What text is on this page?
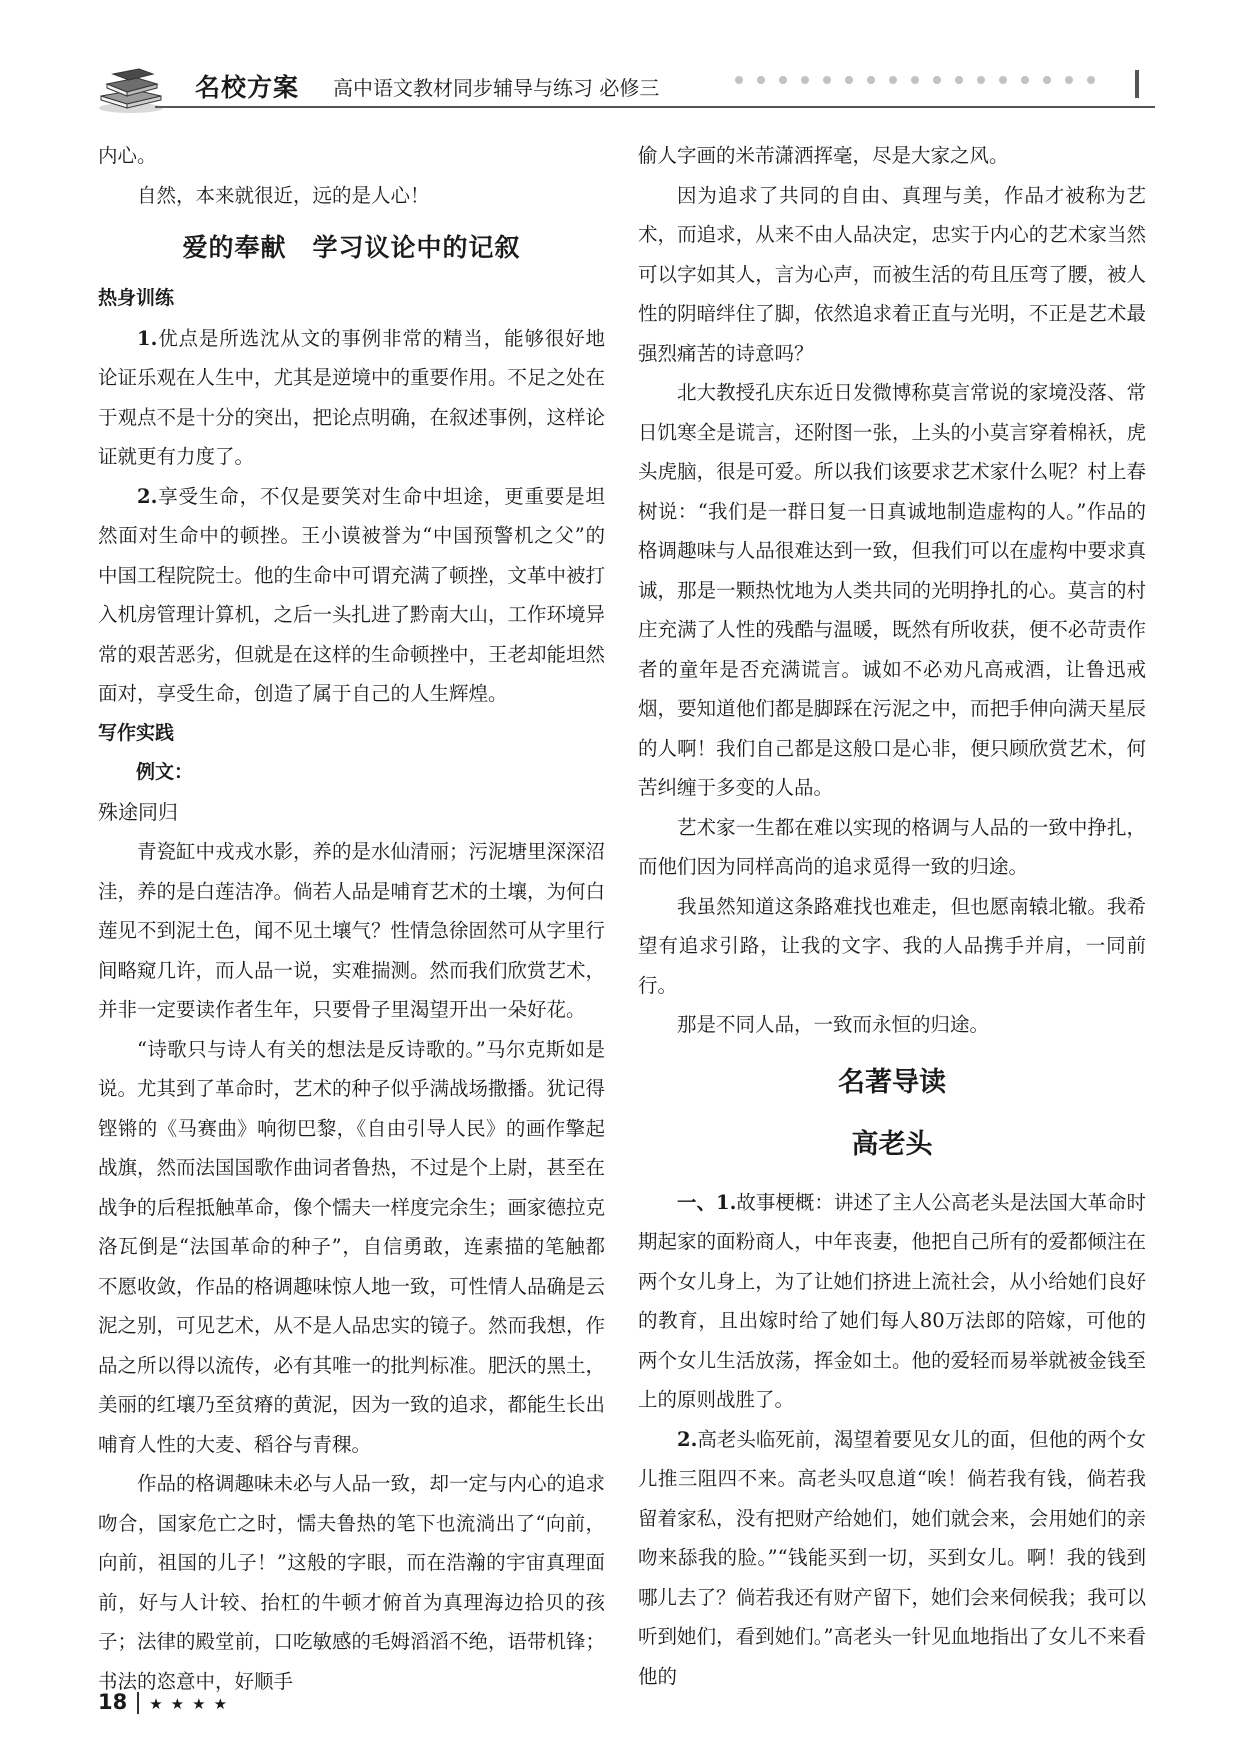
名校方案 高中语文教材同步辅导与练习 必修三

内心。

自然，本来就很近，远的是人心！

爱的奉献　学习议论中的记叙

热身训练

1.优点是所选沈从文的事例非常的精当，能够很好地论证乐观在人生中，尤其是逆境中的重要作用。不足之处在于观点不是十分的突出，把论点明确，在叙述事例，这样论证就更有力度了。

2.享受生命，不仅是要笑对生命中坦途，更重要是坦然面对生命中的顿挫。王小谟被誉为“中国预警机之父”的中国工程院院士。他的生命中可谓充满了顿挫，文革中被打入机房管理计算机，之后一头扎进了黔南大山，工作环境异常的艰苦恶劣，但就是在这样的生命顿挫中，王老却能坦然面对，享受生命，创造了属于自己的人生辉煌。

写作实践

例文：

殊途同归

青瓷缸中戎戎水影，养的是水仙清丽；污泥塘里深深沼洼，养的是白莲洁净。倘若人品是哺育艺术的土壤，为何白莲见不到泥土色，闻不见土壤气？性情急徐固然可从字里行间略窥几许，而人品一说，实难揣测。然而我们欣赏艺术，并非一定要读作者生年，只要骨子里渴望开出一朵好花。

“诗歌只与诗人有关的想法是反诗歌的。”马尔克斯如是说。尤其到了革命时，艺术的种子似乎满战场撒播。犹记得铿锵的《马赛曲》响彻巴黎，《自由引导人民》的画作擎起战旗，然而法国国歌作曲词者鲁热，不过是个上尉，甚至在战争的后程抵触革命，像个懦夫一样度完余生；画家德拉克洛瓦倒是“法国革命的种子”，自信勇敢，连素描的笔触都不愿收敛，作品的格调趣味惊人地一致，可性情人品确是云泥之别，可见艺术，从不是人品忠实的镜子。然而我想，作品之所以得以流传，必有其唯一的批判标准。肥沃的黑土，美丽的红壤乃至贫瘠的黄泥，因为一致的追求，都能生长出哺育人性的大麦、稻谷与青稞。

作品的格调趣味未必与人品一致，却一定与内心的追求吻合，国家危亡之时，懦夫鲁热的笔下也流淌出了“向前，向前，祖国的儿子！”这般的字眼，而在浩瀚的宇宙真理面前，好与人计较、抬杠的牛顿才俯首为真理海边拾贝的孩子；法律的殿堂前，口吃敏感的毛姆滔滔不绝，语带机锋；书法的恣意中，好顺手

偷人字画的米芾潇洒挥毫，尽是大家之风。

因为追求了共同的自由、真理与美，作品才被称为艺术，而追求，从来不由人品决定，忠实于内心的艺术家当然可以字如其人，言为心声，而被生活的苟且压弯了腰，被人性的阴暗绊住了脚，依然追求着正直与光明，不正是艺术最强烈痛苦的诗意吗？

北大教授孔庆东近日发微博称莫言常说的家境没落、常日饥寒全是谎言，还附图一张，上头的小莫言穿着棉袄，虎头虎脑，很是可爱。所以我们该要求艺术家什么呢？村上春树说：“我们是一群日复一日真诚地制造虚构的人。”作品的格调趣味与人品很难达到一致，但我们可以在虚构中要求真诚，那是一颗热忱地为人类共同的光明挣扎的心。莫言的村庄充满了人性的残酷与温暖，既然有所收获，便不必苛责作者的童年是否充满谎言。诚如不必劝凡高戒酒，让鲁迅戒烟，要知道他们都是脚踩在污泥之中，而把手伸向满天星辰的人啊！我们自己都是这般口是心非，便只顾欣赏艺术，何苦纠缠于多变的人品。

艺术家一生都在难以实现的格调与人品的一致中挣扎，而他们因为同样高尚的追求觅得一致的归途。

我虽然知道这条路难找也难走，但也愿南辕北辙。我希望有追求引路，让我的文字、我的人品携手并肩，一同前行。

那是不同人品，一致而永恒的归途。

名著导读
高老头

一、1.故事梗概：讲述了主人公高老头是法国大革命时期起家的面粉商人，中年丧妻，他把自己所有的爱都倾注在两个女儿身上，为了让她们挤进上流社会，从小给她们良好的教育，且出嫁时给了她们每人80万法郎的陪嫁，可他的两个女儿生活放荡，挥金如土。他的爱轻而易举就被金钱至上的原则战胜了。

2.高老头临死前，渴望着要见女儿的面，但他的两个女儿推三阻四不来。高老头叹息道“唉！倘若我有钱，倘若我留着家私，没有把财产给她们，她们就会来，会用她们的亲吻来舔我的脸。”“钱能买到一切，买到女儿。啊！我的钱到哪儿去了？倘若我还有财产留下，她们会来伺候我；我可以听到她们，看到她们。”高老头一针见血地指出了女儿不来看他的

18 ★★★★
